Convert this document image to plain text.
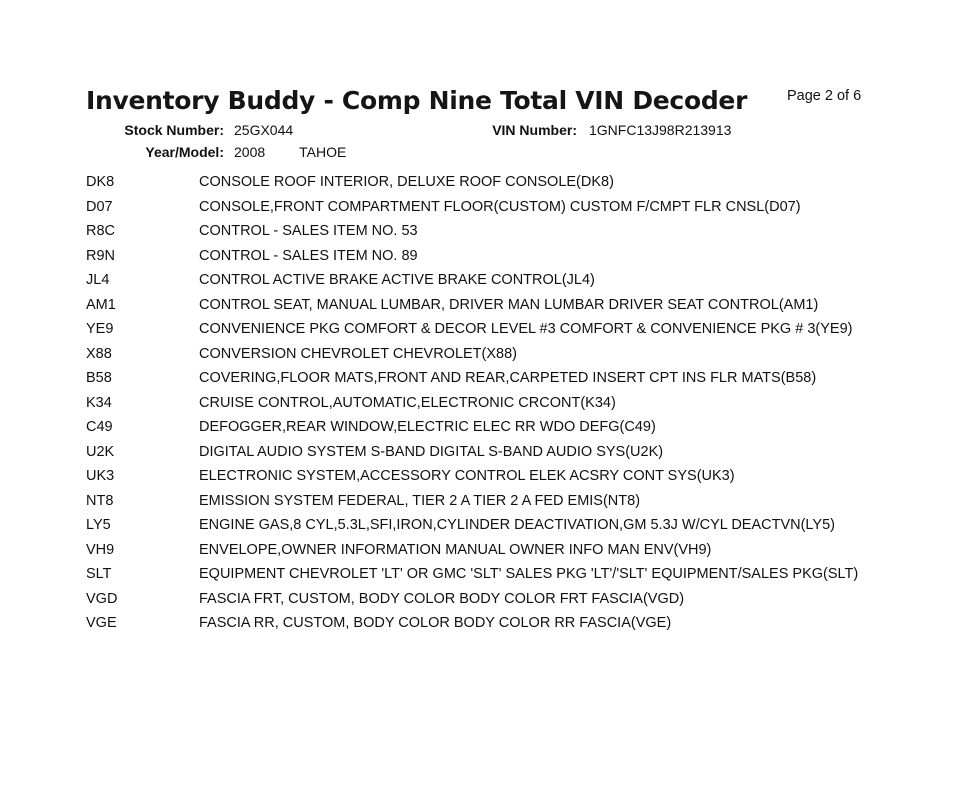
Inventory Buddy - Comp Nine Total VIN Decoder	Page 2 of 6
Stock Number: 25GX044	VIN Number: 1GNFC13J98R213913
Year/Model: 2008 TAHOE
DK8	CONSOLE ROOF INTERIOR, DELUXE ROOF CONSOLE(DK8)
D07	CONSOLE,FRONT COMPARTMENT FLOOR(CUSTOM) CUSTOM F/CMPT FLR CNSL(D07)
R8C	CONTROL - SALES ITEM NO. 53
R9N	CONTROL - SALES ITEM NO. 89
JL4	CONTROL ACTIVE BRAKE ACTIVE BRAKE CONTROL(JL4)
AM1	CONTROL SEAT, MANUAL LUMBAR, DRIVER MAN LUMBAR DRIVER SEAT CONTROL(AM1)
YE9	CONVENIENCE PKG COMFORT & DECOR LEVEL #3 COMFORT & CONVENIENCE PKG # 3(YE9)
X88	CONVERSION CHEVROLET CHEVROLET(X88)
B58	COVERING,FLOOR MATS,FRONT AND REAR,CARPETED INSERT CPT INS FLR MATS(B58)
K34	CRUISE CONTROL,AUTOMATIC,ELECTRONIC CRCONT(K34)
C49	DEFOGGER,REAR WINDOW,ELECTRIC ELEC RR WDO DEFG(C49)
U2K	DIGITAL AUDIO SYSTEM S-BAND DIGITAL S-BAND AUDIO SYS(U2K)
UK3	ELECTRONIC SYSTEM,ACCESSORY CONTROL ELEK ACSRY CONT SYS(UK3)
NT8	EMISSION SYSTEM FEDERAL, TIER 2 A TIER 2 A FED EMIS(NT8)
LY5	ENGINE GAS,8 CYL,5.3L,SFI,IRON,CYLINDER DEACTIVATION,GM 5.3J W/CYL DEACTVN(LY5)
VH9	ENVELOPE,OWNER INFORMATION MANUAL OWNER INFO MAN ENV(VH9)
SLT	EQUIPMENT CHEVROLET 'LT' OR GMC 'SLT' SALES PKG 'LT'/'SLT' EQUIPMENT/SALES PKG(SLT)
VGD	FASCIA FRT, CUSTOM, BODY COLOR BODY COLOR FRT FASCIA(VGD)
VGE	FASCIA RR, CUSTOM, BODY COLOR BODY COLOR RR FASCIA(VGE)
